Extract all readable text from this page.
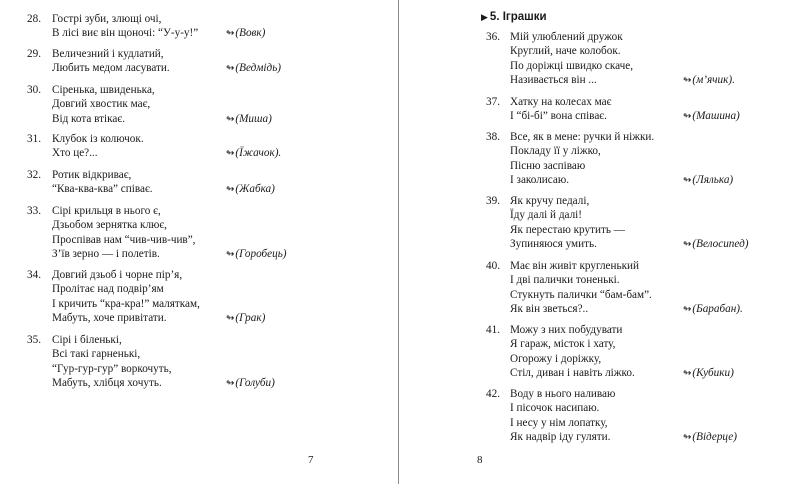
28. Гострі зуби, злющі очі,
В лісі виє він щоночі: “У-у-у!”	↬(Вовк)
29. Величезний і кудлатий,
Любить медом ласувати.	↬(Ведмідь)
30. Сіренька, швиденька,
Довгий хвостик має,
Від кота втікає.	↬(Миша)
31. Клубок із колючок.
Хто це?...	↬(Їжачок).
32. Ротик відкриває,
“Ква-ква-ква” співає.	↬(Жабка)
33. Сірі крильця в нього є,
Дзьобом зернятка клює,
Проспівав нам “чив-чив-чив”,
З’їв зерно — і полетів.	↬(Горобець)
34. Довгий дзьоб і чорне пір’я,
Пролітає над подвір’ям
І кричить “кра-кра!” маляткам,
Мабуть, хоче привітати.	↬(Грак)
35. Сірі і біленькі,
Всі такі гарненькі,
“Гур-гур-гур” воркочуть,
Мабуть, хлібця хочуть.	↬(Голуби)
7
▶ 5. Іграшки
36. Мій улюблений дружок
Круглий, наче колобок.
По доріжці швидко скаче,
Називається він ...	↬(м’ячик).
37. Хатку на колесах має
І “бі-бі” вона співає.	↬(Машина)
38. Все, як в мене: ручки й ніжки.
Покладу її у ліжко,
Пісню заспіваю
І заколисаю.	↬(Лялька)
39. Як кручу педалі,
Їду далі й далі!
Як перестаю крутить —
Зупиняюся умить.	↬(Велосипед)
40. Має він живіт кругленький
І дві палички тоненькі.
Стукнуть палички “бам-бам”.
Як він зветься?..	↬(Барабан).
41. Можу з них побудувати
Я гараж, місток і хату,
Огорожу і доріжку,
Стіл, диван і навіть ліжко.	↬(Кубики)
42. Воду в нього наливаю
І пісочок насипаю.
І несу у нім лопатку,
Як надвір іду гуляти.	↬(Відерце)
8
